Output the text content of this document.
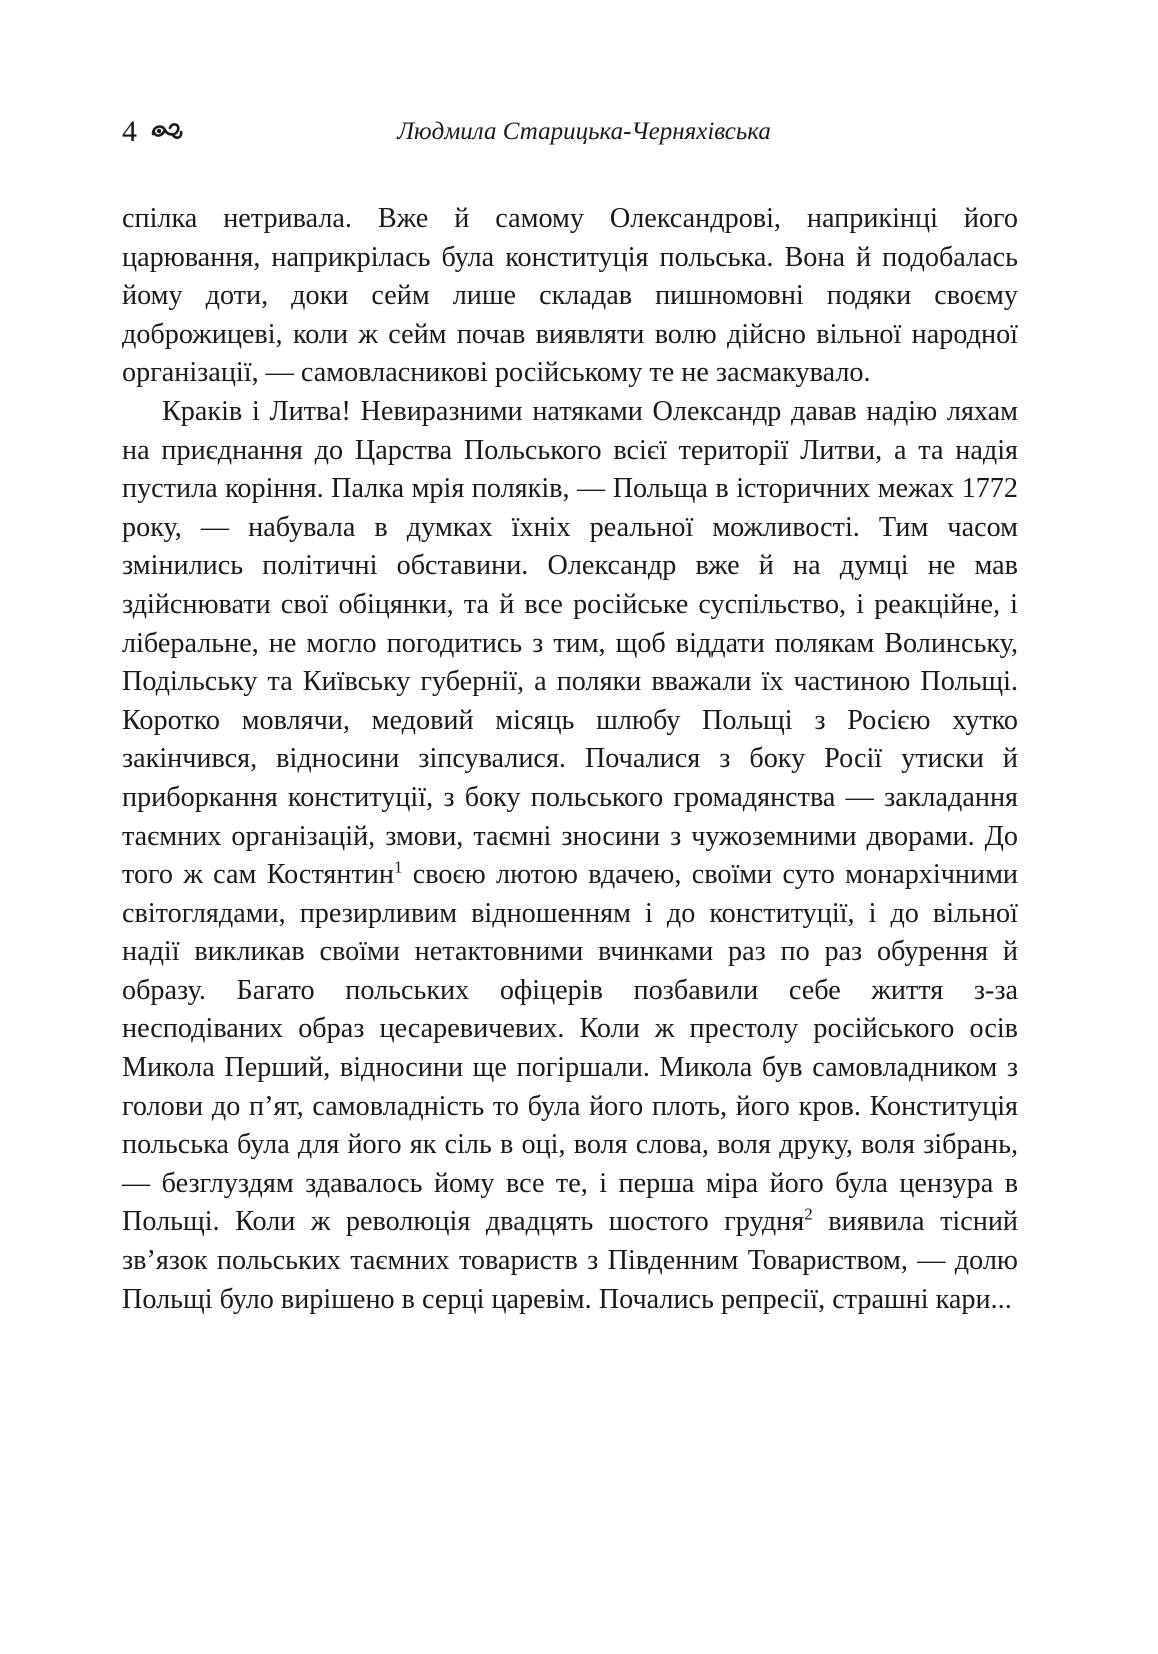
4	Людмила Старицька-Черняхівська

спілка нетривала. Вже й самому Олександрові, наприкінці його царювання, наприкрілась була конституція польська. Вона й подобалась йому доти, доки сейм лише складав пишномовні подяки своєму доброжицеві, коли ж сейм почав виявляти волю дійсно вільної народної організації, — самовласникові російському те не засмакувало.

Краків і Литва! Невиразними натяками Олександр давав надію ляхам на приєднання до Царства Польського всієї території Литви, а та надія пустила коріння. Палка мрія поляків, — Польща в історичних межах 1772 року, — набувала в думках їхніх реальної можливості. Тим часом змінились політичні обставини. Олександр вже й на думці не мав здійснювати свої обіцянки, та й все російське суспільство, і реакційне, і ліберальне, не могло погодитись з тим, щоб віддати полякам Волинську, Подільську та Київську губернії, а поляки вважали їх частиною Польщі. Коротко мовлячи, медовий місяць шлюбу Польщі з Росією хутко закінчився, відносини зіпсувалися. Почалися з боку Росії утиски й приборкання конституції, з боку польського громадянства — закладання таємних організацій, змови, таємні зносини з чужоземними дворами. До того ж сам Костянтин$^1$ своєю лютою вдачею, своїми суто монархічними світоглядами, презирливим відношенням і до конституції, і до вільної надії викликав своїми нетактовними вчинками раз по раз обурення й образу. Багато польських офіцерів позбавили себе життя з-за несподіваних образ цесаревичевих. Коли ж престолу російського осів Микола Перший, відносини ще погіршали. Микола був самовладником з голови до п’ят, самовладність то була його плоть, його кров. Конституція польська була для його як сіль в оці, воля слова, воля друку, воля зібрань, — безглуздям здавалось йому все те, і перша міра його була цензура в Польщі. Коли ж революція двадцять шостого грудня$^2$ виявила тісний зв’язок польських таємних товариств з Південним Товариством, — долю Польщі було вирішено в серці царевім. Почались репресії, страшні кари...
